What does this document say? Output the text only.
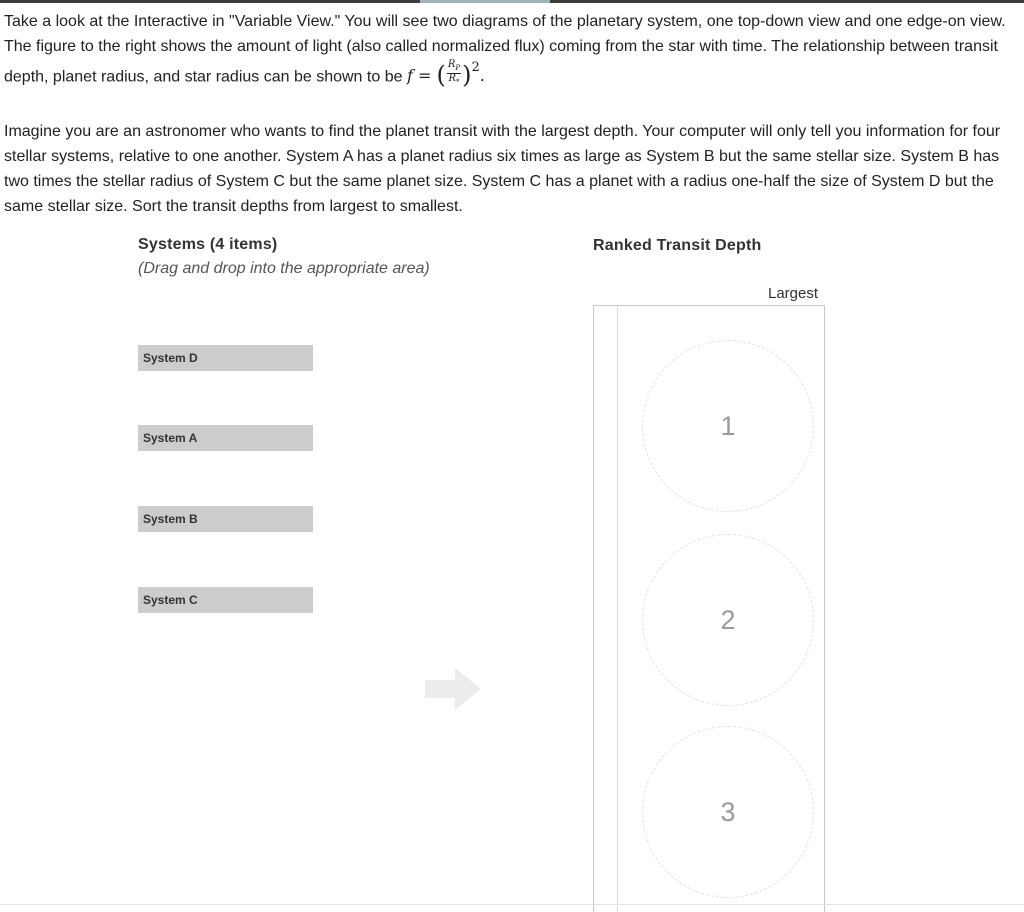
Take a look at the Interactive in "Variable View." You will see two diagrams of the planetary system, one top-down view and one edge-on view. The figure to the right shows the amount of light (also called normalized flux) coming from the star with time. The relationship between transit depth, planet radius, and star radius can be shown to be f = ( $\frac{R_P}{R_*} )^2$.

Imagine you are an astronomer who wants to find the planet transit with the largest depth. Your computer will only tell you information for four stellar systems, relative to one another. System A has a planet radius six times as large as System B but the same stellar size. System B has two times the stellar radius of System C but the same planet size. System C has a planet with a radius one-half the size of System D but the same stellar size. Sort the transit depths from largest to smallest.

Systems (4 items)
(Drag and drop into the appropriate area)
System D
System A
System B
System C
Ranked Transit Depth
Largest
1
2
3
